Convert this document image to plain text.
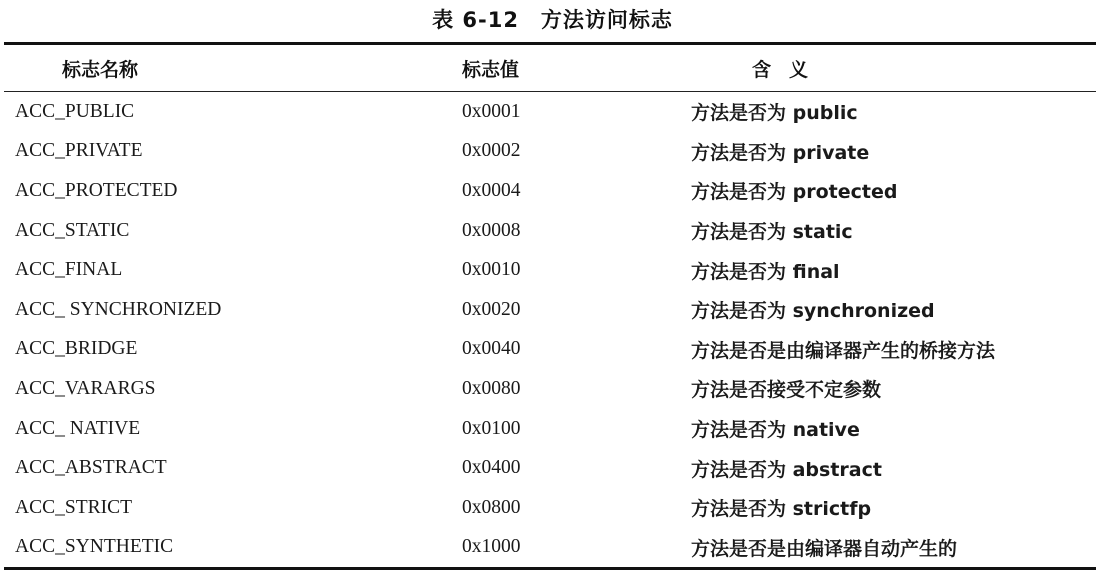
表 6-12　方法访问标志
标志名称	标志值	含义
ACC_PUBLIC	0x0001	方法是否为 public
ACC_PRIVATE	0x0002	方法是否为 private
ACC_PROTECTED	0x0004	方法是否为 protected
ACC_STATIC	0x0008	方法是否为 static
ACC_FINAL	0x0010	方法是否为 final
ACC_ SYNCHRONIZED	0x0020	方法是否为 synchronized
ACC_BRIDGE	0x0040	方法是否是由编译器产生的桥接方法
ACC_VARARGS	0x0080	方法是否接受不定参数
ACC_ NATIVE	0x0100	方法是否为 native
ACC_ABSTRACT	0x0400	方法是否为 abstract
ACC_STRICT	0x0800	方法是否为 strictfp
ACC_SYNTHETIC	0x1000	方法是否是由编译器自动产生的
